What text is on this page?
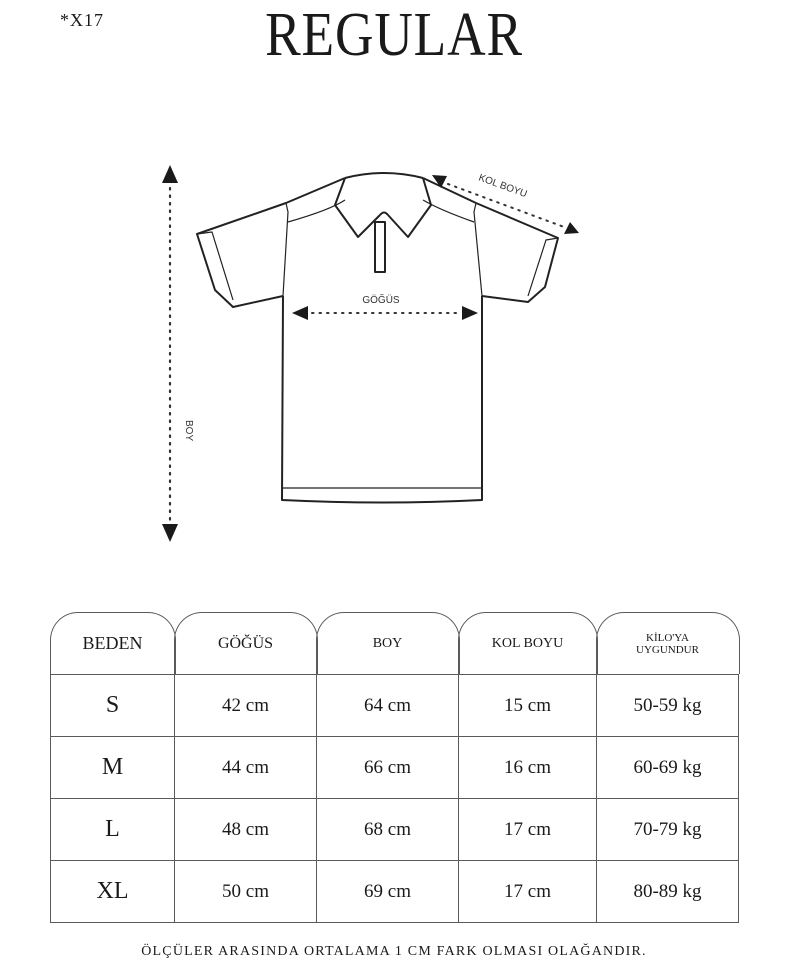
*X17	REGULAR
BOY
GÖĞÜS
KOL BOYU
BEDEN	GÖĞÜS	BOY	KOL BOYU	KİLO'YA
UYGUNDUR

S	42 cm	64 cm	15 cm	50-59 kg
M	44 cm	66 cm	16 cm	60-69 kg
L	48 cm	68 cm	17 cm	70-79 kg
XL	50 cm	69 cm	17 cm	80-89 kg
ÖLÇÜLER ARASINDA ORTALAMA 1 CM FARK OLMASI OLAĞANDIR.
